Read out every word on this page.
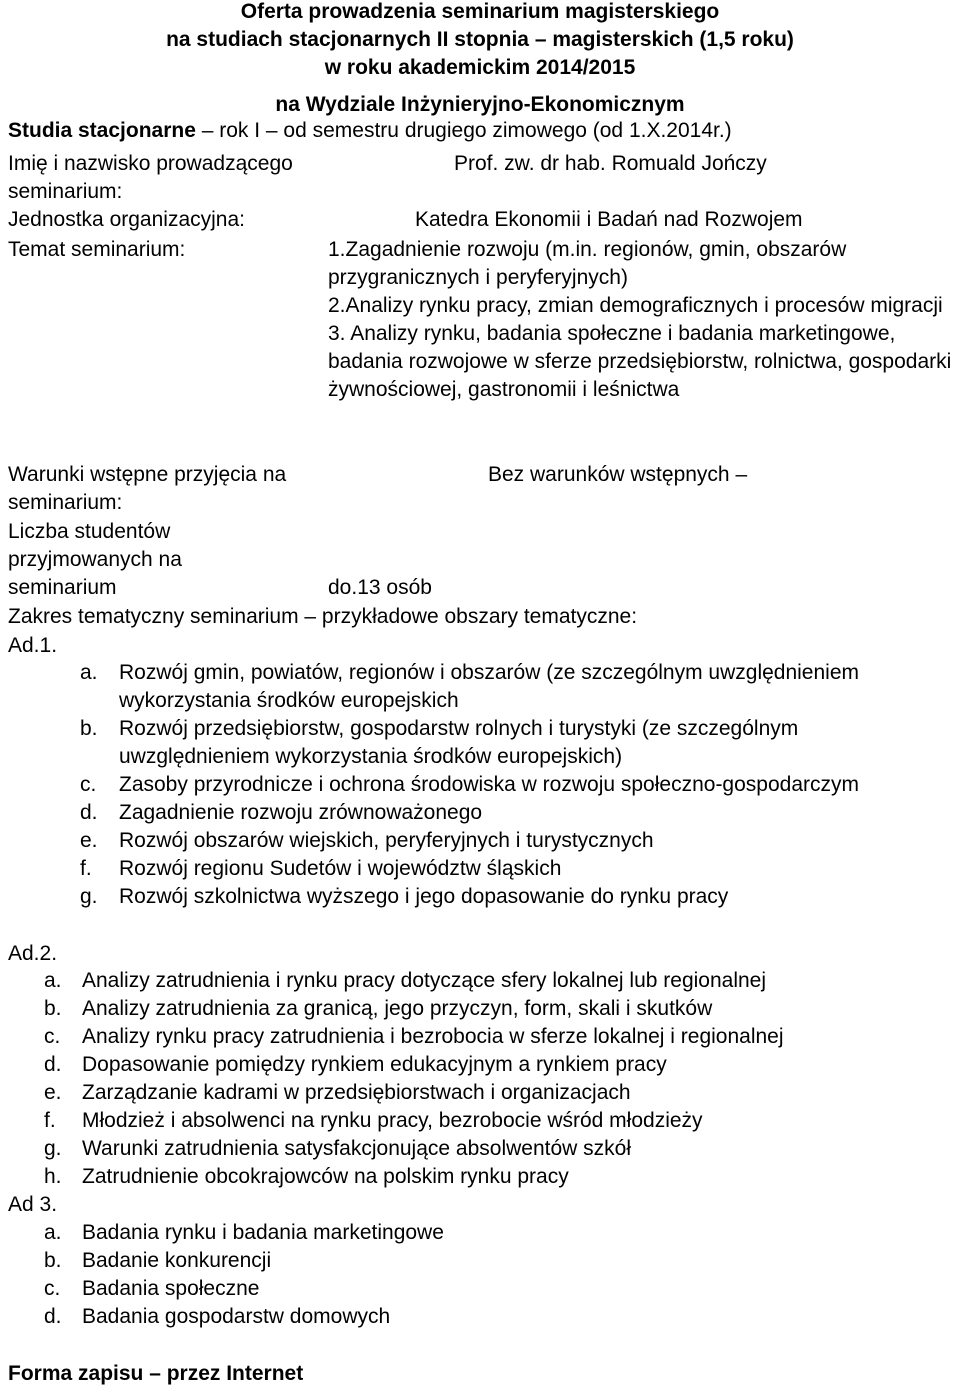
Oferta prowadzenia seminarium magisterskiego
na studiach stacjonarnych II stopnia – magisterskich (1,5 roku)
w roku akademickim 2014/2015
na Wydziale Inżynieryjno-Ekonomicznym
Studia stacjonarne – rok I – od semestru drugiego zimowego (od 1.X.2014r.)
Imię i nazwisko prowadzącego seminarium:
Prof. zw. dr hab. Romuald Jończy
Jednostka organizacyjna:	Katedra Ekonomii i Badań nad Rozwojem
Temat seminarium:	1.Zagadnienie rozwoju (m.in. regionów, gmin, obszarów przygranicznych i peryferyjnych)
2.Analizy rynku pracy, zmian demograficznych i procesów migracji
3. Analizy rynku, badania społeczne i badania marketingowe, badania rozwojowe w sferze przedsiębiorstw, rolnictwa, gospodarki żywnościowej, gastronomii i leśnictwa
Warunki wstępne przyjęcia na seminarium:
Bez warunków wstępnych –
Liczba studentów przyjmowanych na seminarium	do.13 osób
Zakres tematyczny seminarium – przykładowe obszary tematyczne:
Ad.1.
a. Rozwój gmin, powiatów, regionów i obszarów (ze szczególnym uwzględnieniem wykorzystania środków europejskich
b. Rozwój przedsiębiorstw, gospodarstw rolnych i turystyki (ze szczególnym uwzględnieniem wykorzystania środków europejskich)
c. Zasoby przyrodnicze i ochrona środowiska w rozwoju społeczno-gospodarczym
d. Zagadnienie rozwoju zrównoważonego
e. Rozwój obszarów wiejskich, peryferyjnych i turystycznych
f. Rozwój regionu Sudetów i województw śląskich
g. Rozwój szkolnictwa wyższego i jego dopasowanie do rynku pracy
Ad.2.
a. Analizy zatrudnienia i rynku pracy dotyczące sfery lokalnej lub regionalnej
b. Analizy zatrudnienia za granicą, jego przyczyn, form, skali i skutków
c. Analizy rynku pracy zatrudnienia i bezrobocia w sferze lokalnej i regionalnej
d. Dopasowanie pomiędzy rynkiem edukacyjnym a rynkiem pracy
e. Zarządzanie kadrami w przedsiębiorstwach i organizacjach
f. Młodzież i absolwenci na rynku pracy, bezrobocie wśród młodzieży
g. Warunki zatrudnienia satysfakcjonujące absolwentów szkół
h. Zatrudnienie obcokrajowców na polskim rynku pracy
Ad 3.
a. Badania rynku i badania marketingowe
b. Badanie konkurencji
c. Badania społeczne
d. Badania gospodarstw domowych
Forma zapisu – przez Internet
